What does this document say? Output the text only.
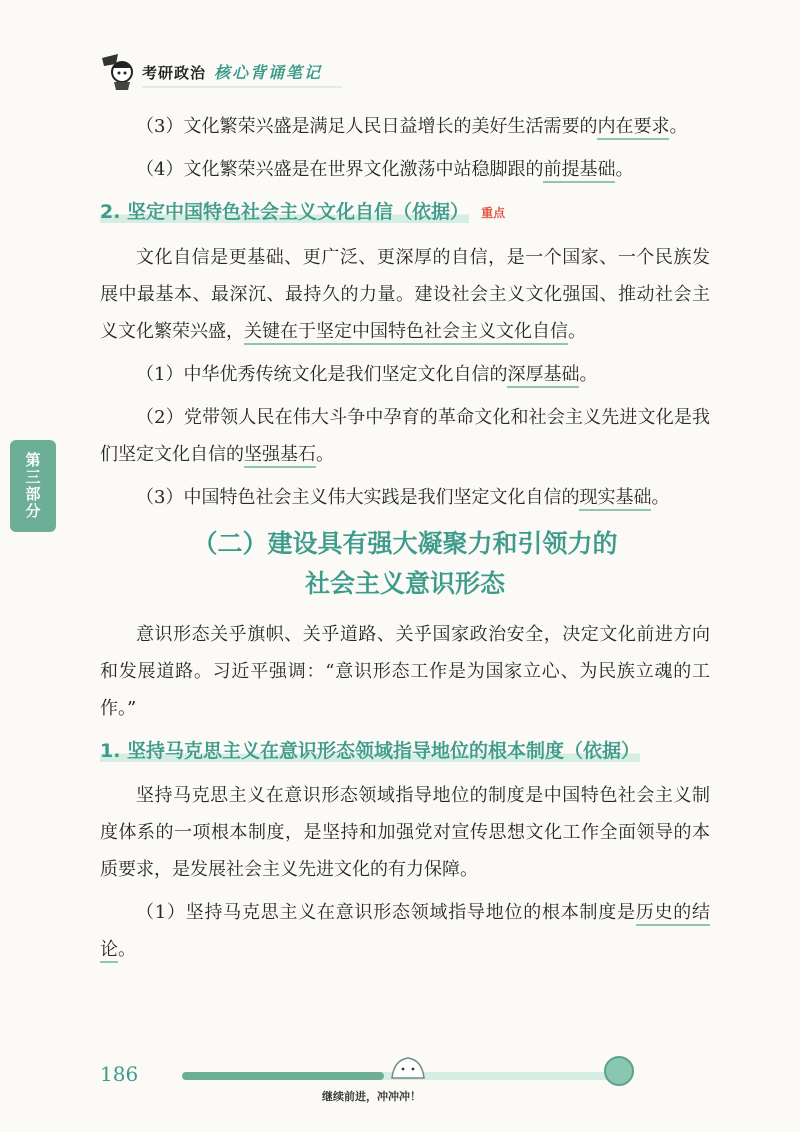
考研政治 核心背诵笔记
第三部分

（3）文化繁荣兴盛是满足人民日益增长的美好生活需要的内在要求。

（4）文化繁荣兴盛是在世界文化激荡中站稳脚跟的前提基础。

2. 坚定中国特色社会主义文化自信（依据） 重点

文化自信是更基础、更广泛、更深厚的自信，是一个国家、一个民族发展中最基本、最深沉、最持久的力量。建设社会主义文化强国、推动社会主义文化繁荣兴盛，关键在于坚定中国特色社会主义文化自信。

（1）中华优秀传统文化是我们坚定文化自信的深厚基础。

（2）党带领人民在伟大斗争中孕育的革命文化和社会主义先进文化是我们坚定文化自信的坚强基石。

（3）中国特色社会主义伟大实践是我们坚定文化自信的现实基础。

（二）建设具有强大凝聚力和引领力的
社会主义意识形态

意识形态关乎旗帜、关乎道路、关乎国家政治安全，决定文化前进方向和发展道路。习近平强调：“意识形态工作是为国家立心、为民族立魂的工作。”

1. 坚持马克思主义在意识形态领域指导地位的根本制度（依据）

坚持马克思主义在意识形态领域指导地位的制度是中国特色社会主义制度体系的一项根本制度，是坚持和加强党对宣传思想文化工作全面领导的本质要求，是发展社会主义先进文化的有力保障。

（1）坚持马克思主义在意识形态领域指导地位的根本制度是历史的结论。

186
继续前进，冲冲冲！
